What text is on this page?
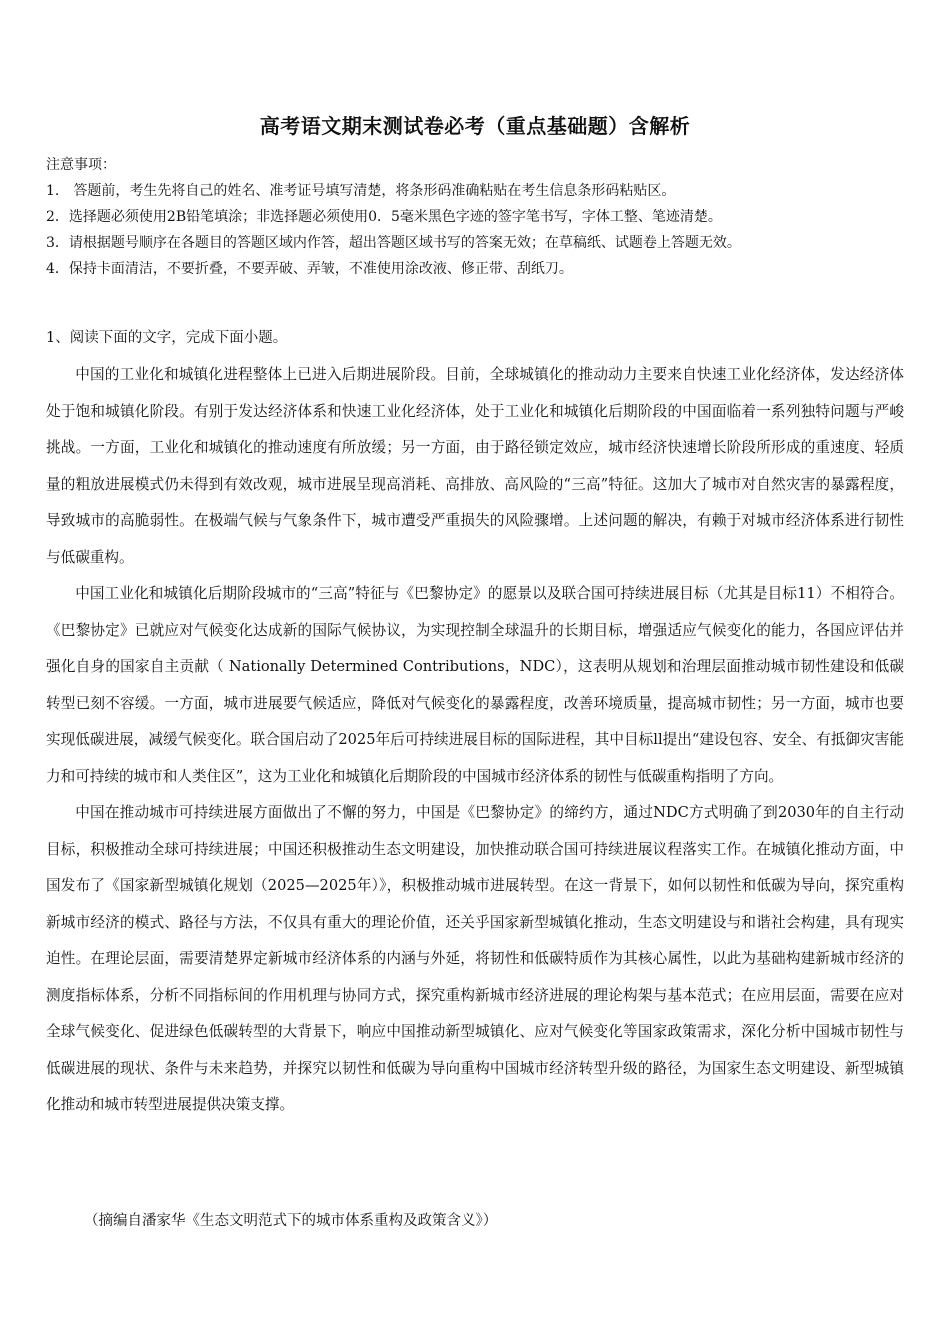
高考语文期末测试卷必考（重点基础题）含解析
注意事项：
1.　答题前，考生先将自己的姓名、准考证号填写清楚，将条形码准确粘贴在考生信息条形码粘贴区。
2．选择题必须使用2B铅笔填涂；非选择题必须使用0．5毫米黑色字迹的签字笔书写，字体工整、笔迹清楚。
3．请根据题号顺序在各题目的答题区域内作答，超出答题区域书写的答案无效；在草稿纸、试题卷上答题无效。
4．保持卡面清洁，不要折叠，不要弄破、弄皱，不准使用涂改液、修正带、刮纸刀。
1、阅读下面的文字，完成下面小题。

中国的工业化和城镇化进程整体上已进入后期进展阶段。目前，全球城镇化的推动动力主要来自快速工业化经济体，发达经济体处于饱和城镇化阶段。有别于发达经济体系和快速工业化经济体，处于工业化和城镇化后期阶段的中国面临着一系列独特问题与严峻挑战。一方面，工业化和城镇化的推动速度有所放缓；另一方面，由于路径锁定效应，城市经济快速增长阶段所形成的重速度、轻质量的粗放进展模式仍未得到有效改观，城市进展呈现高消耗、高排放、高风险的“三高”特征。这加大了城市对自然灾害的暴露程度，导致城市的高脆弱性。在极端气候与气象条件下，城市遭受严重损失的风险骤增。上述问题的解决，有赖于对城市经济体系进行韧性与低碳重构。

中国工业化和城镇化后期阶段城市的“三高”特征与《巴黎协定》的愿景以及联合国可持续进展目标（尤其是目标11）不相符合。《巴黎协定》已就应对气候变化达成新的国际气候协议，为实现控制全球温升的长期目标，增强适应气候变化的能力，各国应评估并强化自身的国家自主贡献（ Nationally Determined Contributions，NDC），这表明从规划和治理层面推动城市韧性建设和低碳转型已刻不容缓。一方面，城市进展要气候适应，降低对气候变化的暴露程度，改善环境质量，提高城市韧性；另一方面，城市也要实现低碳进展，减缓气候变化。联合国启动了2025年后可持续进展目标的国际进程，其中目标ll提出“建设包容、安全、有抵御灾害能力和可持续的城市和人类住区”，这为工业化和城镇化后期阶段的中国城市经济体系的韧性与低碳重构指明了方向。

中国在推动城市可持续进展方面做出了不懈的努力，中国是《巴黎协定》的缔约方，通过NDC方式明确了到2030年的自主行动目标，积极推动全球可持续进展；中国还积极推动生态文明建设，加快推动联合国可持续进展议程落实工作。在城镇化推动方面，中国发布了《国家新型城镇化规划（2025—2025年）》，积极推动城市进展转型。在这一背景下，如何以韧性和低碳为导向，探究重构新城市经济的模式、路径与方法，不仅具有重大的理论价值，还关乎国家新型城镇化推动，生态文明建设与和谐社会构建，具有现实迫性。在理论层面，需要清楚界定新城市经济体系的内涵与外延，将韧性和低碳特质作为其核心属性，以此为基础构建新城市经济的测度指标体系，分析不同指标间的作用机理与协同方式，探究重构新城市经济进展的理论构架与基本范式；在应用层面，需要在应对全球气候变化、促进绿色低碳转型的大背景下，响应中国推动新型城镇化、应对气候变化等国家政策需求，深化分析中国城市韧性与低碳进展的现状、条件与未来趋势，并探究以韧性和低碳为导向重构中国城市经济转型升级的路径，为国家生态文明建设、新型城镇化推动和城市转型进展提供决策支撑。

（摘编自潘家华《生态文明范式下的城市体系重构及政策含义》）
